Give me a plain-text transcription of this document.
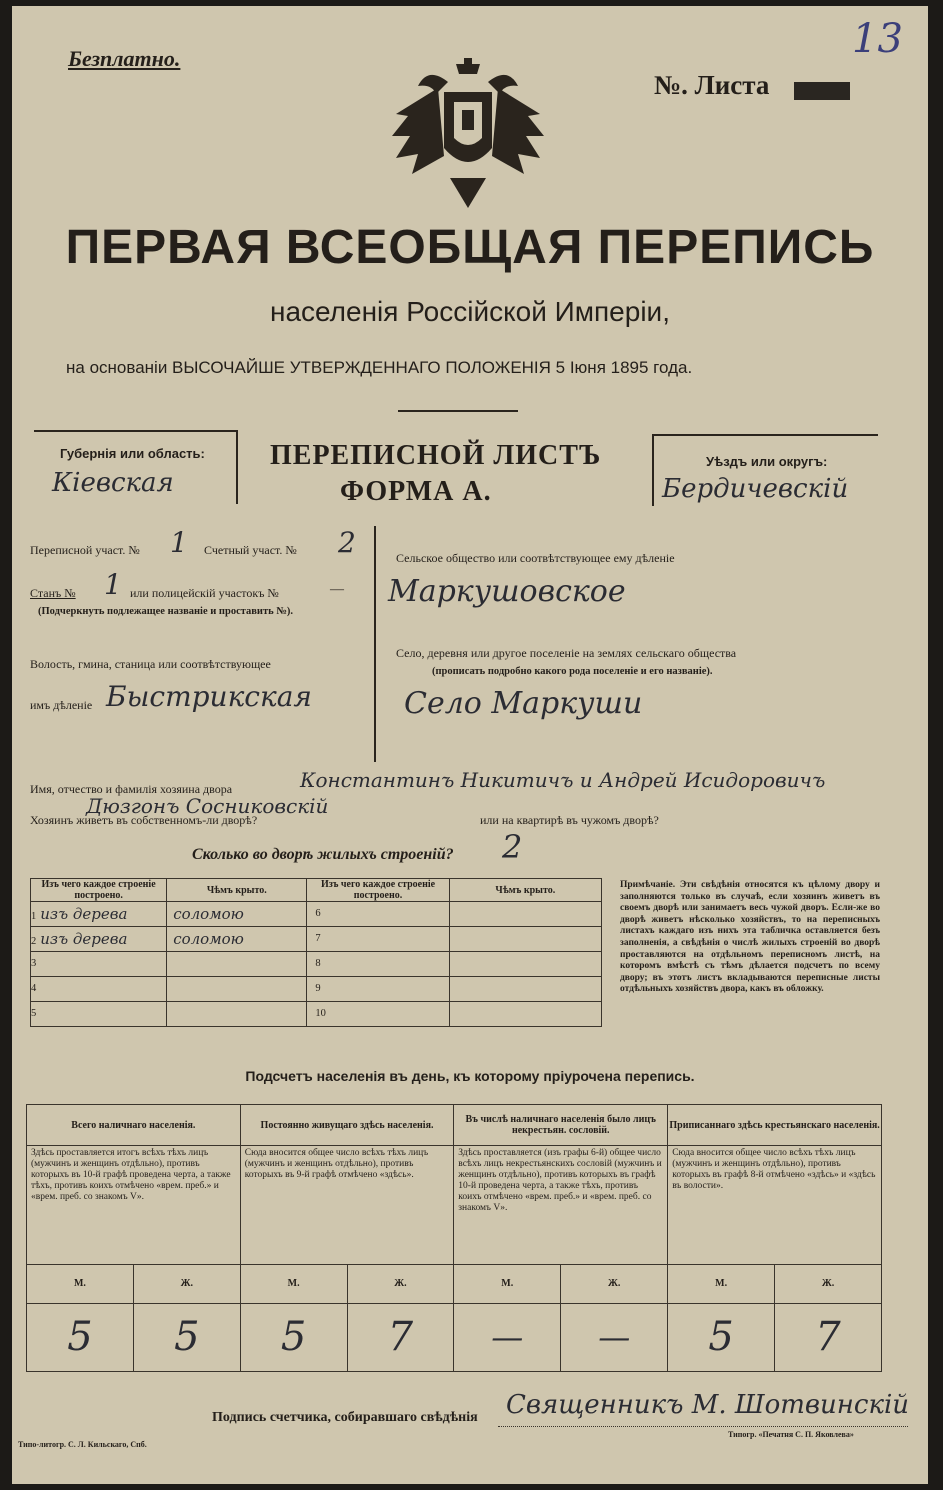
Безплатно.
№. Листа
13
ПЕРВАЯ ВСЕОБЩАЯ ПЕРЕПИСЬ
населенія Россійской Имперіи,
на основаніи ВЫСОЧАЙШЕ УТВЕРЖДЕННАГО ПОЛОЖЕНІЯ 5 Іюня 1895 года.
Губернія или область:
Кіевская
ПЕРЕПИСНОЙ ЛИСТЪ
ФОРМА А.
Уѣздъ или округъ:
Бердичевскій
Переписной участ. № 1 Счетный участ. № 2
Станъ № 1 или полицейскій участокъ №	—
(Подчеркнуть подлежащее названіе и проставить №).
Волость, гмина, станица или соотвѣтствующее
имъ дѣленіе Быстрикская
Сельское общество или соотвѣтствующее ему дѣленіе
Маркушовское
Село, деревня или другое поселеніе на землях сельскаго общества
(прописать подробно какого рода поселеніе и его названіе).
Село Маркуши
Имя, отчество и фамилія хозяина двора	Константинъ Никитичъ и Андрей Исидоровичъ
Дюзгонъ Сосниковскій
Хозяинъ живетъ въ собственномъ-ли дворѣ?	или на квартирѣ въ чужомъ дворѣ?
Сколько во дворѣ жилыхъ строеній? 2
Изъ чего каждое строеніе построено.	Чѣмъ крыто.	Изъ чего каждое строеніе построено.	Чѣмъ крыто.
1 изъ дерева	соломою	6	
2 изъ дерева	соломою	7	
3		8	
4		9	
5		10	
Примѣчаніе. Эти свѣдѣнія относятся къ цѣлому двору и заполняются только въ случаѣ, если хозяинъ живетъ въ своемъ дворѣ или занимаетъ весь чужой дворъ. Если-же во дворѣ живетъ нѣсколько хозяйствъ, то на переписныхъ листахъ каждаго изъ нихъ эта табличка оставляется безъ заполненія, а свѣдѣнія о числѣ жилыхъ строеній во дворѣ проставляются на отдѣльномъ переписномъ листѣ, на которомъ вмѣстѣ съ тѣмъ дѣлается подсчетъ по всему двору; въ этотъ листъ вкладываются переписные листы отдѣльныхъ хозяйствъ двора, какъ въ обложку.
Подсчетъ населенія въ день, къ которому пріурочена перепись.
Всего наличнаго населенія.		Постоянно живущаго здѣсь населенія.		Въ числѣ наличнаго населенія было лицъ некрестьян. сословій.		Приписаннаго здѣсь крестьянскаго населенія.	
Здѣсь проставляется итогъ всѣхъ тѣхъ лицъ (мужчинъ и женщинъ отдѣльно), противъ которыхъ въ 10-й графѣ проведена черта, а также тѣхъ, противъ коихъ отмѣчено «врем. преб.» и «врем. преб. со знакомъ V».		Сюда вносится общее число всѣхъ тѣхъ лицъ (мужчинъ и женщинъ отдѣльно), противъ которыхъ въ 9-й графѣ отмѣчено «здѣсь».		Здѣсь проставляется (изъ графы 6-й) общее число всѣхъ лицъ некрестьянскихъ сословій (мужчинъ и женщинъ отдѣльно), противъ которыхъ въ графѣ 10-й проведена черта, а также тѣхъ, противъ коихъ отмѣчено «врем. преб.» и «врем. преб. со знакомъ V».		Сюда вносится общее число всѣхъ тѣхъ лицъ (мужчинъ и женщинъ отдѣльно), противъ которыхъ въ графѣ 8-й отмѣчено «здѣсь» и «здѣсь въ волости».	
М.	Ж.	М.	Ж.	М.	Ж.	М.	Ж.
5	5	5	7	—	—	5	7
Подпись счетчика, собиравшаго свѣдѣнія Священникъ М. Шотвинскій
Типо-литогр. С. Л. Кильскаго, Спб.
Типогр. «Печатня С. П. Яковлева»
